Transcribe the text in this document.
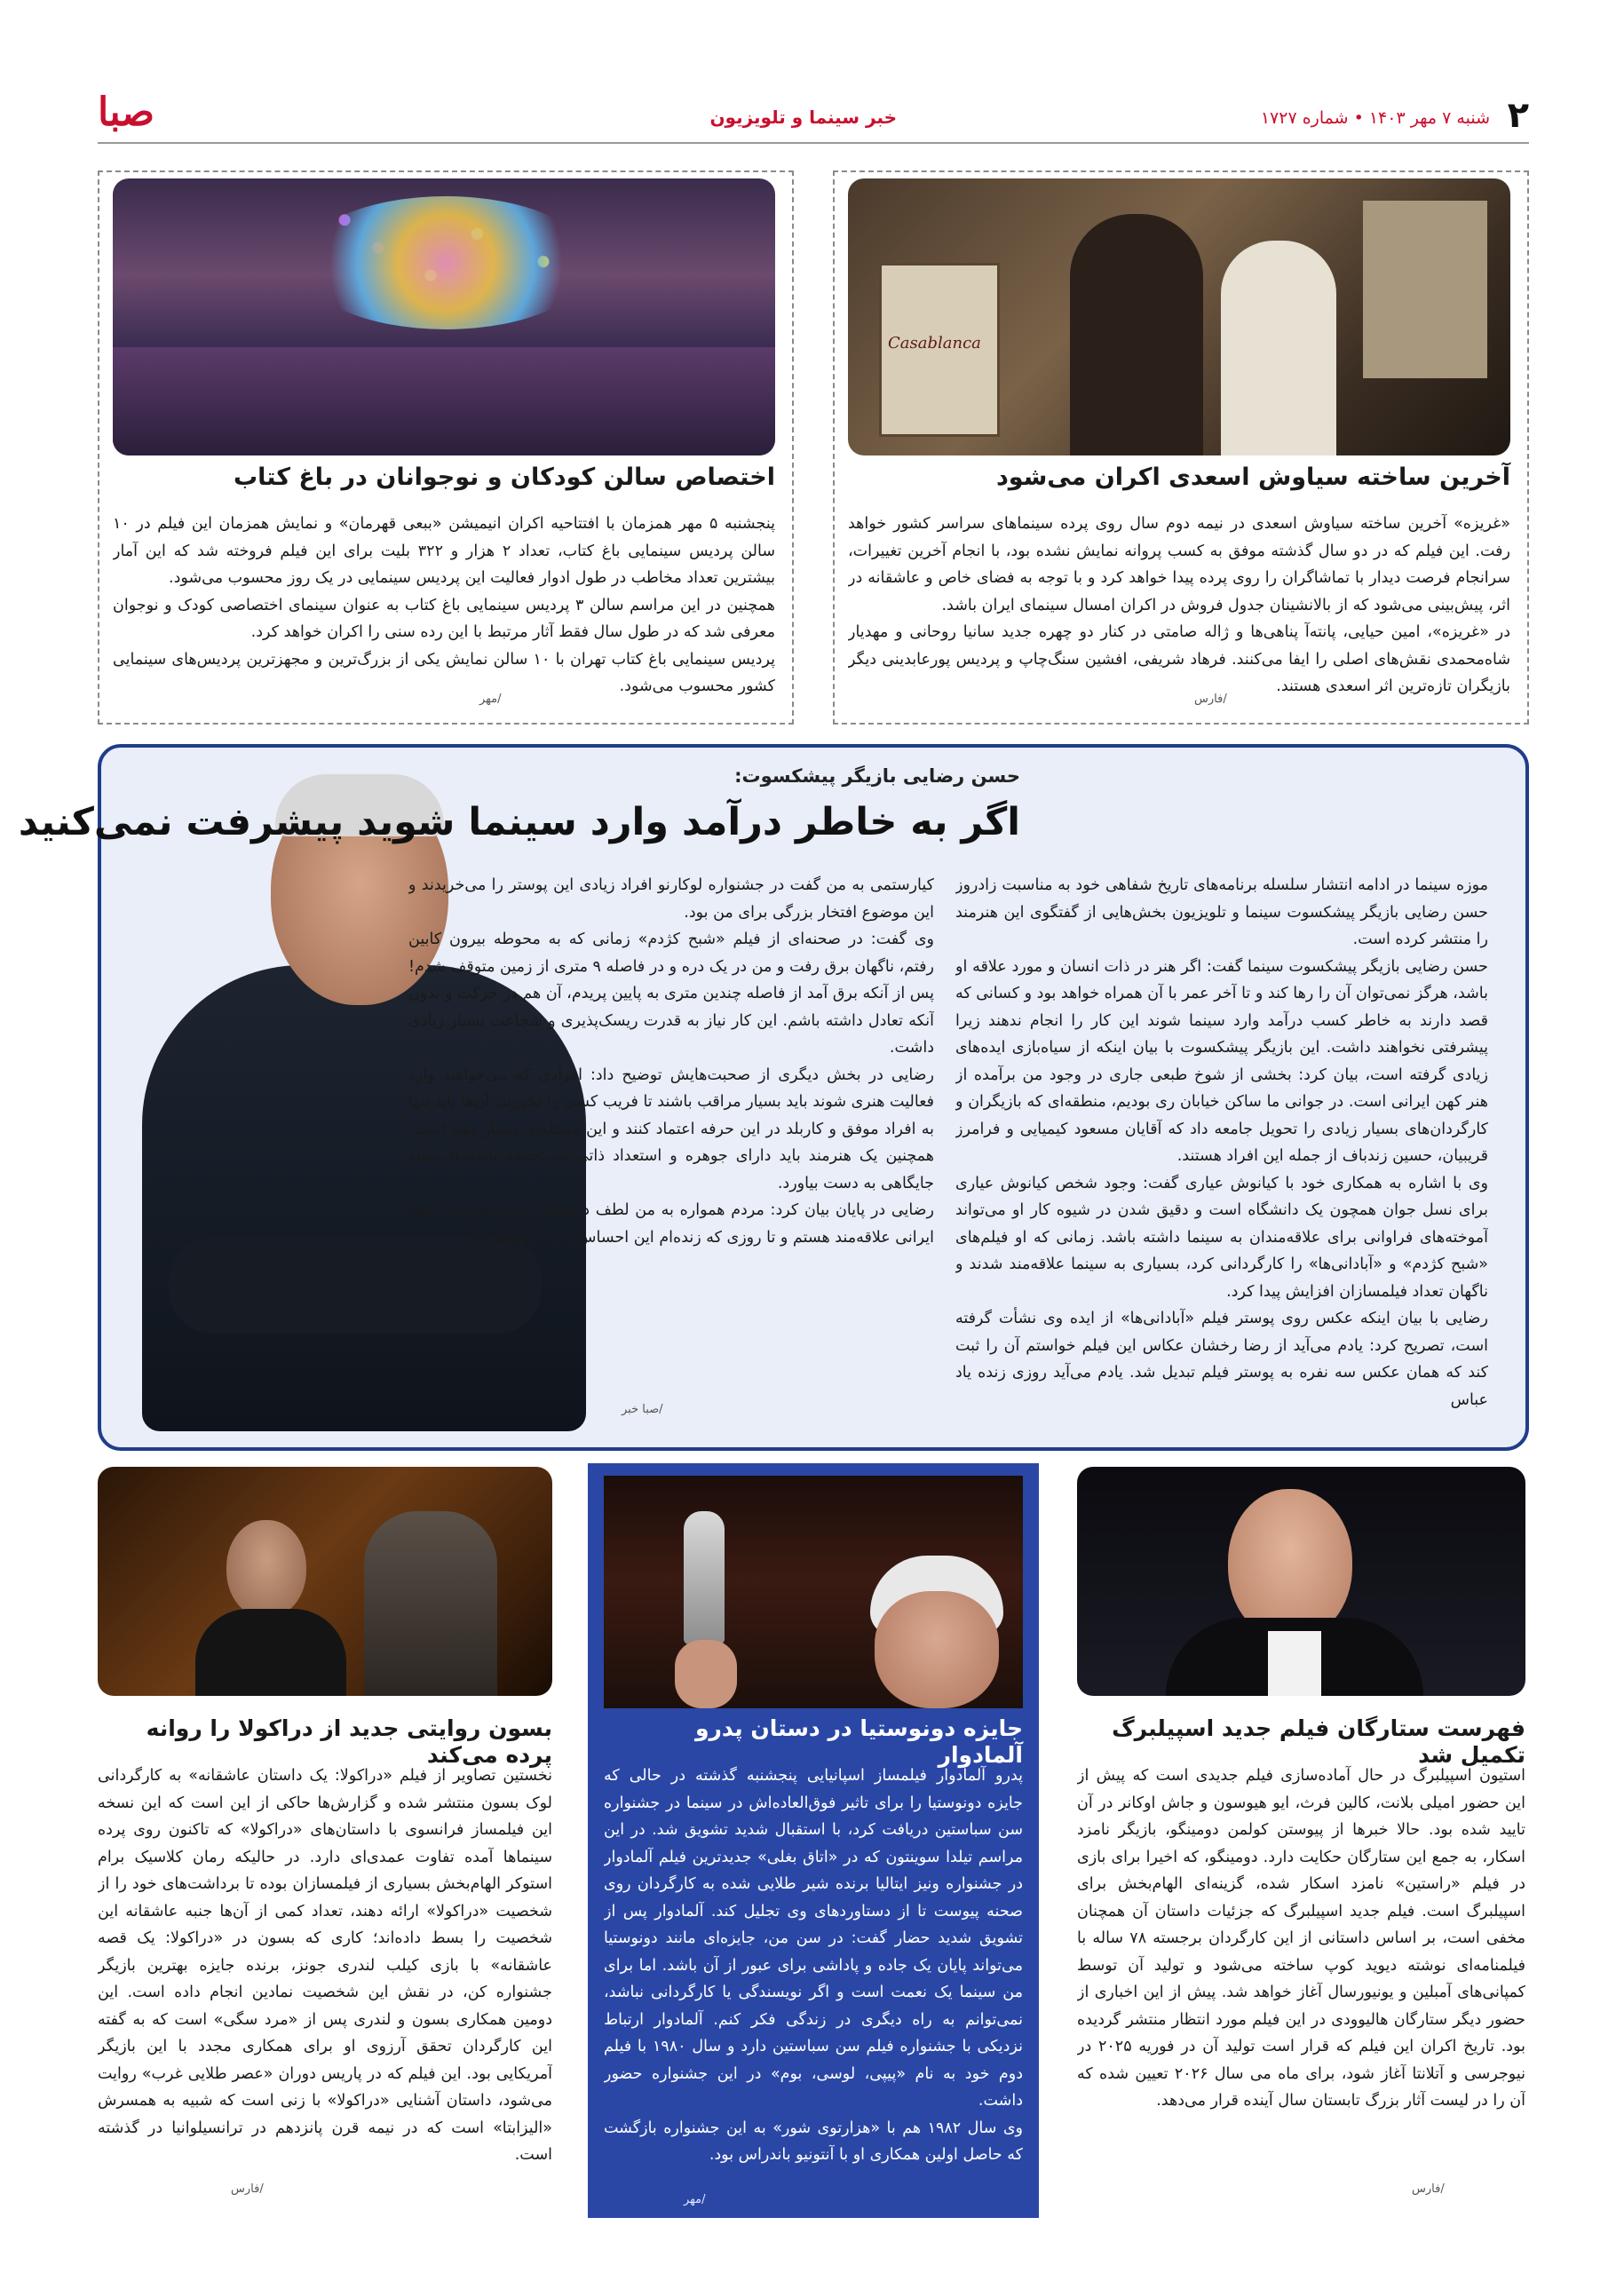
۲
شنبه ۷ مهر ۱۴۰۳ • شماره ۱۷۲۷
خبر سینما و تلویزیون
صبا
Casablanca

آخرین ساخته سیاوش اسعدی اکران می‌شود

«غریزه» آخرین ساخته سیاوش اسعدی در نیمه دوم سال روی پرده سینماهای سراسر کشور خواهد رفت. این فیلم که در دو سال گذشته موفق به کسب پروانه نمایش نشده بود، با انجام آخرین تغییرات، سرانجام فرصت دیدار با تماشاگران را روی پرده پیدا خواهد کرد و با توجه به فضای خاص و عاشقانه در اثر، پیش‌بینی می‌شود که از بالانشینان جدول فروش در اکران امسال سینمای ایران باشد.

در «غریزه»، امین حیایی، پانته‌آ پناهی‌ها و ژاله صامتی در کنار دو چهره جدید سانیا روحانی و مهدیار شاه‌محمدی نقش‌های اصلی را ایفا می‌کنند. فرهاد شریفی، افشین سنگ‌چاپ و پردیس پورعابدینی دیگر بازیگران تازه‌ترین اثر اسعدی هستند.

/فارس

اختصاص سالن کودکان و نوجوانان در باغ کتاب

پنجشنبه ۵ مهر همزمان با افتتاحیه اکران انیمیشن «ببعی قهرمان» و نمایش همزمان این فیلم در ۱۰ سالن پردیس سینمایی باغ کتاب، تعداد ۲ هزار و ۳۲۲ بلیت برای این فیلم فروخته شد که این آمار بیشترین تعداد مخاطب در طول ادوار فعالیت این پردیس سینمایی در یک روز محسوب می‌شود.

همچنین در این مراسم سالن ۳ پردیس سینمایی باغ کتاب به عنوان سینمای اختصاصی کودک و نوجوان معرفی شد که در طول سال فقط آثار مرتبط با این رده سنی را اکران خواهد کرد.

پردیس سینمایی باغ کتاب تهران با ۱۰ سالن نمایش یکی از بزرگ‌ترین و مجهزترین پردیس‌های سینمایی کشور محسوب می‌شود.

/مهر

حسن رضایی بازیگر پیشکسوت:

اگر به خاطر درآمد وارد سینما شوید پیشرفت نمی‌کنید

موزه سینما در ادامه انتشار سلسله برنامه‌های تاریخ شفاهی خود به مناسبت زادروز حسن رضایی بازیگر پیشکسوت سینما و تلویزیون بخش‌هایی از گفتگوی این هنرمند را منتشر کرده است.

حسن رضایی بازیگر پیشکسوت سینما گفت: اگر هنر در ذات انسان و مورد علاقه او باشد، هرگز نمی‌توان آن را رها کند و تا آخر عمر با آن همراه خواهد بود و کسانی که قصد دارند به خاطر کسب درآمد وارد سینما شوند این کار را انجام ندهند زیرا پیشرفتی نخواهند داشت. این بازیگر پیشکسوت با بیان اینکه از سیاه‌بازی ایده‌های زیادی گرفته است، بیان کرد: بخشی از شوخ طبعی جاری در وجود من برآمده از هنر کهن ایرانی است. در جوانی ما ساکن خیابان ری بودیم، منطقه‌ای که بازیگران و کارگردان‌های بسیار زیادی را تحویل جامعه داد که آقایان مسعود کیمیایی و فرامرز قریبیان، حسین زندباف از جمله این افراد هستند.

وی با اشاره به همکاری خود با کیانوش عیاری گفت: وجود شخص کیانوش عیاری برای نسل جوان همچون یک دانشگاه است و دقیق شدن در شیوه کار او می‌تواند آموخته‌های فراوانی برای علاقه‌مندان به سینما داشته باشد. زمانی که او فیلم‌های «شبح کژدم» و «آبادانی‌ها» را کارگردانی کرد، بسیاری به سینما علاقه‌مند شدند و ناگهان تعداد فیلمسازان افزایش پیدا کرد.

رضایی با بیان اینکه عکس روی پوستر فیلم «آبادانی‌ها» از ایده وی نشأت گرفته است، تصریح کرد: یادم می‌آید از رضا رخشان عکاس این فیلم خواستم آن را ثبت کند که همان عکس سه نفره به پوستر فیلم تبدیل شد. یادم می‌آید روزی زنده یاد عباس

کیارستمی به من گفت در جشنواره لوکارنو افراد زیادی این پوستر را می‌خریدند و این موضوع افتخار بزرگی برای من بود.

وی گفت: در صحنه‌ای از فیلم «شبح کژدم» زمانی که به محوطه بیرون کابین رفتم، ناگهان برق رفت و من در یک دره و در فاصله ۹ متری از زمین متوقف شدم! پس از آنکه برق آمد از فاصله چندین متری به پایین پریدم، آن هم در حرکت و بدون آنکه تعادل داشته باشم. این کار نیاز به قدرت ریسک‌پذیری و شجاعت بسیار زیادی داشت.

رضایی در بخش دیگری از صحبت‌هایش توضیح داد: افرادی که می‌خواهند وارد فعالیت هنری شوند باید بسیار مراقب باشند تا فریب کسی را نخورند. آن‌ها باید تنها به افراد موفق و کاربلد در این حرفه اعتماد کنند و این مسئله‌ای بسیار مهم است. همچنین یک هنرمند باید دارای جوهره و استعداد ذاتی این حرفه باشد تا بتواند جایگاهی به دست بیاورد.

رضایی در پایان بیان کرد: مردم همواره به من لطف داشته‌اند و من هم به جامعه ایرانی علاقه‌مند هستم و تا روزی که زنده‌ام این احساس پابرجا خواهد بود.

/صبا خبر

فهرست ستارگان فیلم جدید اسپیلبرگ تکمیل شد

استیون اسپیلبرگ در حال آماده‌سازی فیلم جدیدی است که پیش از این حضور امیلی بلانت، کالین فرث، ایو هیوسون و جاش اوکانر در آن تایید شده بود. حالا خبرها از پیوستن کولمن دومینگو، بازیگر نامزد اسکار، به جمع این ستارگان حکایت دارد. دومینگو، که اخیرا برای بازی در فیلم «راستین» نامزد اسکار شده، گزینه‌ای الهام‌بخش برای اسپیلبرگ است. فیلم جدید اسپیلبرگ که جزئیات داستان آن همچنان مخفی است، بر اساس داستانی از این کارگردان برجسته ۷۸ ساله با فیلمنامه‌ای نوشته دیوید کوپ ساخته می‌شود و تولید آن توسط کمپانی‌های آمبلین و یونیورسال آغاز خواهد شد. پیش از این اخباری از حضور دیگر ستارگان هالیوودی در این فیلم مورد انتظار منتشر گردیده بود. تاریخ اکران این فیلم که قرار است تولید آن در فوریه ۲۰۲۵ در نیوجرسی و آتلانتا آغاز شود، برای ماه می سال ۲۰۲۶ تعیین شده که آن را در لیست آثار بزرگ تابستان سال آینده قرار می‌دهد.

/فارس

جایزه دونوستیا در دستان پدرو آلمادوار

پدرو آلمادوار فیلمساز اسپانیایی پنجشنبه گذشته در حالی که جایزه دونوستیا را برای تاثیر فوق‌العاده‌اش در سینما در جشنواره سن سباستین دریافت کرد، با استقبال شدید تشویق شد. در این مراسم تیلدا سوینتون که در «اتاق بغلی» جدیدترین فیلم آلمادوار در جشنواره ونیز ایتالیا برنده شیر طلایی شده به کارگردان روی صحنه پیوست تا از دستاوردهای وی تجلیل کند. آلمادوار پس از تشویق شدید حضار گفت: در سن من، جایزه‌ای مانند دونوستیا می‌تواند پایان یک جاده و پاداشی برای عبور از آن باشد. اما برای من سینما یک نعمت است و اگر نویسندگی یا کارگردانی نباشد، نمی‌توانم به راه دیگری در زندگی فکر کنم. آلمادوار ارتباط نزدیکی با جشنواره فیلم سن سباستین دارد و سال ۱۹۸۰ با فیلم دوم خود به نام «پیپی، لوسی، بوم» در این جشنواره حضور داشت.

وی سال ۱۹۸۲ هم با «هزارتوی شور» به این جشنواره بازگشت که حاصل اولین همکاری او با آنتونیو باندراس بود.

/مهر

بسون روایتی جدید از دراکولا را روانه پرده می‌کند

نخستین تصاویر از فیلم «دراکولا: یک داستان عاشقانه» به کارگردانی لوک بسون منتشر شده و گزارش‌ها حاکی از این است که این نسخه این فیلمساز فرانسوی با داستان‌های «دراکولا» که تاکنون روی پرده سینماها آمده تفاوت عمدی‌ای دارد. در حالیکه رمان کلاسیک برام استوکر الهام‌بخش بسیاری از فیلمسازان بوده تا برداشت‌های خود را از شخصیت «دراکولا» ارائه دهند، تعداد کمی از آن‌ها جنبه عاشقانه این شخصیت را بسط داده‌اند؛ کاری که بسون در «دراکولا: یک قصه عاشقانه» با بازی کیلب لندری جونز، برنده جایزه بهترین بازیگر جشنواره کن، در نقش این شخصیت نمادین انجام داده است. این دومین همکاری بسون و لندری پس از «مرد سگی» است که به گفته این کارگردان تحقق آرزوی او برای همکاری مجدد با این بازیگر آمریکایی بود. این فیلم که در پاریس دوران «عصر طلایی غرب» روایت می‌شود، داستان آشنایی «دراکولا» با زنی است که شبیه به همسرش «الیزابتا» است که در نیمه قرن پانزدهم در ترانسیلوانیا در گذشته است.

/فارس
